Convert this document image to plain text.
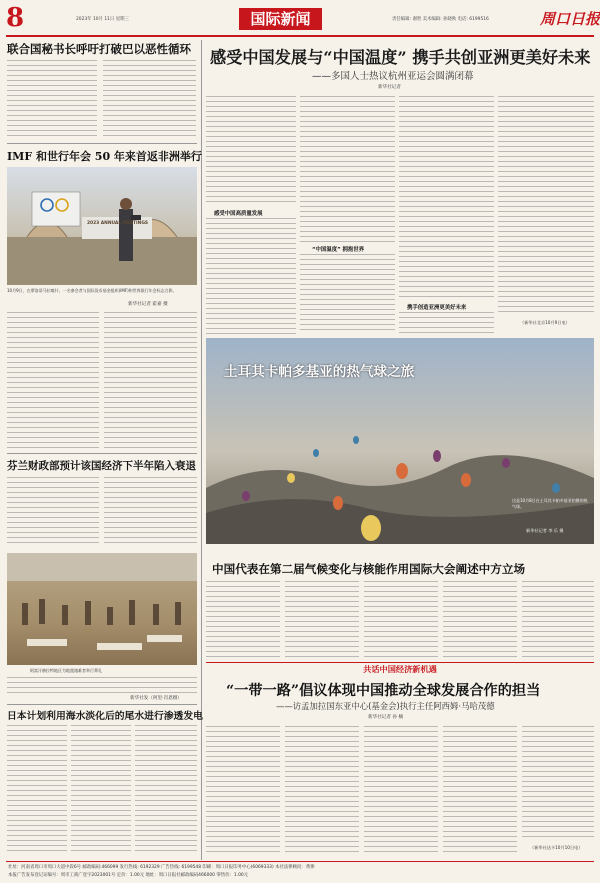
8	2023年 10月 11日 星期三	国际新闻	责任编辑: 谢智 美术编辑: 孙晓秋 电话: 6199516	周口日报
联合国秘书长呼吁打破巴以恶性循环
IMF 和世行年会 50 年来首返非洲举行
2023 ANNUAL MEETINGS
10月9日，在摩洛哥马拉喀什，一名参会者与国际货币基金组织(IMF)和世界银行年会标志合影。
新华社记者 霍嘉 摄
芬兰财政部预计该国经济下半年陷入衰退
阿富汗赫拉特地区为地震遇难者举行葬礼
新华社发（阿里·肖恩摄）
日本计划利用海水淡化后的尾水进行渗透发电
感受中国发展与“中国温度” 携手共创亚洲更美好未来
——多国人士热议杭州亚运会圆满闭幕
新华社记者
感受中国高质量发展
“中国温度” 拥抱世界
携手创造亚洲更美好未来
（新华社北京10月9日电）
土耳其卡帕多基亚的热气球之旅
这是10月8日在土耳其卡帕多基亚拍摄的热气球。
新华社记者 李 乐 摄
中国代表在第二届气候变化与核能作用国际大会阐述中方立场
共话中国经济新机遇
“一带一路”倡议体现中国推动全球发展合作的担当
——访孟加拉国东亚中心(基金会)执行主任阿西姆·马哈茂德
新华社记者 孙 楠
（新华社达卡10月10日电）
社址：河南省周口市周口大道中段6号 邮政编码:466099 发行热线: 6192329 广告热线: 6199548 印刷：周口日报印务中心(6069333) 本社法律顾问：黄律
本报广告发布登记证编号：周市工商广登字2023001号 定价：1.00元 地址：周口日报社邮政编码466000 零售价：1.00元
